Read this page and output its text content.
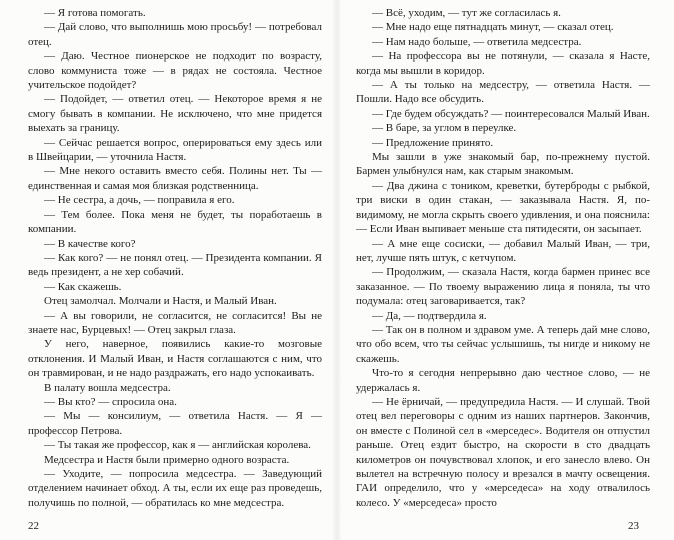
— Я готова помогать.

— Дай слово, что выполнишь мою просьбу! — потребовал отец.

— Даю. Честное пионерское не подходит по возрасту, слово коммуниста тоже — в рядах не состояла. Честное учительское подойдет?

— Подойдет, — ответил отец. — Некоторое время я не смогу бывать в компании. Не исключено, что мне придется выехать за границу.

— Сейчас решается вопрос, оперироваться ему здесь или в Швейцарии, — уточнила Настя.

— Мне некого оставить вместо себя. Полины нет. Ты — единственная и самая моя близкая родственница.

— Не сестра, а дочь, — поправила я его.

— Тем более. Пока меня не будет, ты поработаешь в компании.

— В качестве кого?

— Как кого? — не понял отец. — Президента компании. Я ведь президент, а не хер собачий.

— Как скажешь.

Отец замолчал. Молчали и Настя, и Малый Иван.

— А вы говорили, не согласится, не согласится! Вы не знаете нас, Бурцевых! — Отец закрыл глаза.

У него, наверное, появились какие-то мозговые отклонения. И Малый Иван, и Настя соглашаются с ним, что он травмирован, и не надо раздражать, его надо успокаивать.

В палату вошла медсестра.

— Вы кто? — спросила она.

— Мы — консилиум, — ответила Настя. — Я — профессор Петрова.

— Ты такая же профессор, как я — английская королева.

Медсестра и Настя были примерно одного возраста.

— Уходите, — попросила медсестра. — Заведующий отделением начинает обход. А ты, если их еще раз проведешь, получишь по полной, — обратилась ко мне медсестра.

— Всё, уходим, — тут же согласилась я.

— Мне надо еще пятнадцать минут, — сказал отец.

— Нам надо больше, — ответила медсестра.

— На профессора вы не потянули, — сказала я Насте, когда мы вышли в коридор.

— А ты только на медсестру, — ответила Настя. — Пошли. Надо все обсудить.

— Где будем обсуждать? — поинтересовался Малый Иван.

— В баре, за углом в переулке.

— Предложение принято.

Мы зашли в уже знакомый бар, по-прежнему пустой. Бармен улыбнулся нам, как старым знакомым.

— Два джина с тоником, креветки, бутерброды с рыбкой, три виски в один стакан, — заказывала Настя. Я, по-видимому, не могла скрыть своего удивления, и она пояснила: — Если Иван выпивает меньше ста пятидесяти, он засыпает.

— А мне еще сосиски, — добавил Малый Иван, — три, нет, лучше пять штук, с кетчупом.

— Продолжим, — сказала Настя, когда бармен принес все заказанное. — По твоему выражению лица я поняла, ты что подумала: отец заговаривается, так?

— Да, — подтвердила я.

— Так он в полном и здравом уме. А теперь дай мне слово, что обо всем, что ты сейчас услышишь, ты нигде и никому не скажешь.

Что-то я сегодня непрерывно даю честное слово, — не удержалась я.

— Не ёрничай, — предупредила Настя. — И слушай. Твой отец вел переговоры с одним из наших партнеров. Закончив, он вместе с Полиной сел в «мерседес». Водителя он отпустил раньше. Отец ездит быстро, на скорости в сто двадцать километров он почувствовал хлопок, и его занесло влево. Он вылетел на встречную полосу и врезался в мачту освещения. ГАИ определило, что у «мерседеса» на ходу отвалилось колесо. У «мерседеса» просто

22	23
